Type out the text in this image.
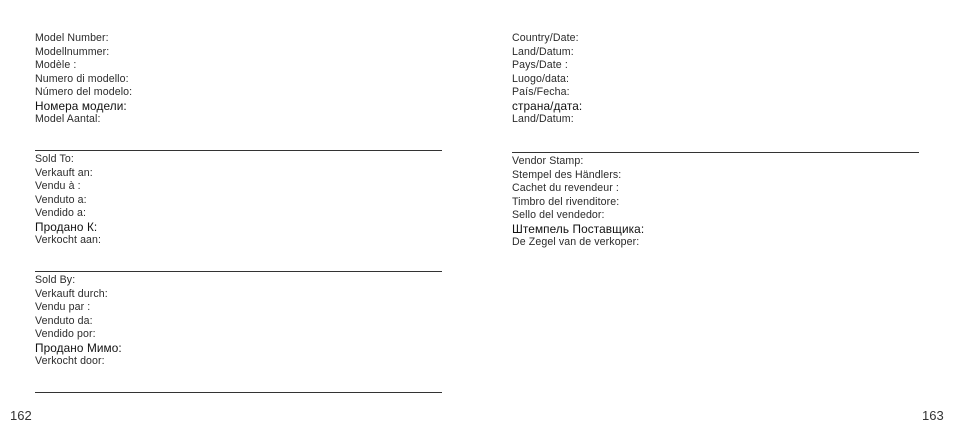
Model Number:
Modellnummer:
Modèle :
Numero di modello:
Número del modelo:
Номера модели:
Model Aantal:
Sold To:
Verkauft an:
Vendu à :
Venduto a:
Vendido a:
Продано К:
Verkocht aan:
Sold By:
Verkauft durch:
Vendu par :
Venduto da:
Vendido por:
Продано Мимо:
Verkocht door:
162
Country/Date:
Land/Datum:
Pays/Date :
Luogo/data:
País/Fecha:
страна/дата:
Land/Datum:
Vendor Stamp:
Stempel des Händlers:
Cachet du revendeur :
Timbro del rivenditore:
Sello del vendedor:
Штемпель Поставщика:
De Zegel van de verkoper:
163
